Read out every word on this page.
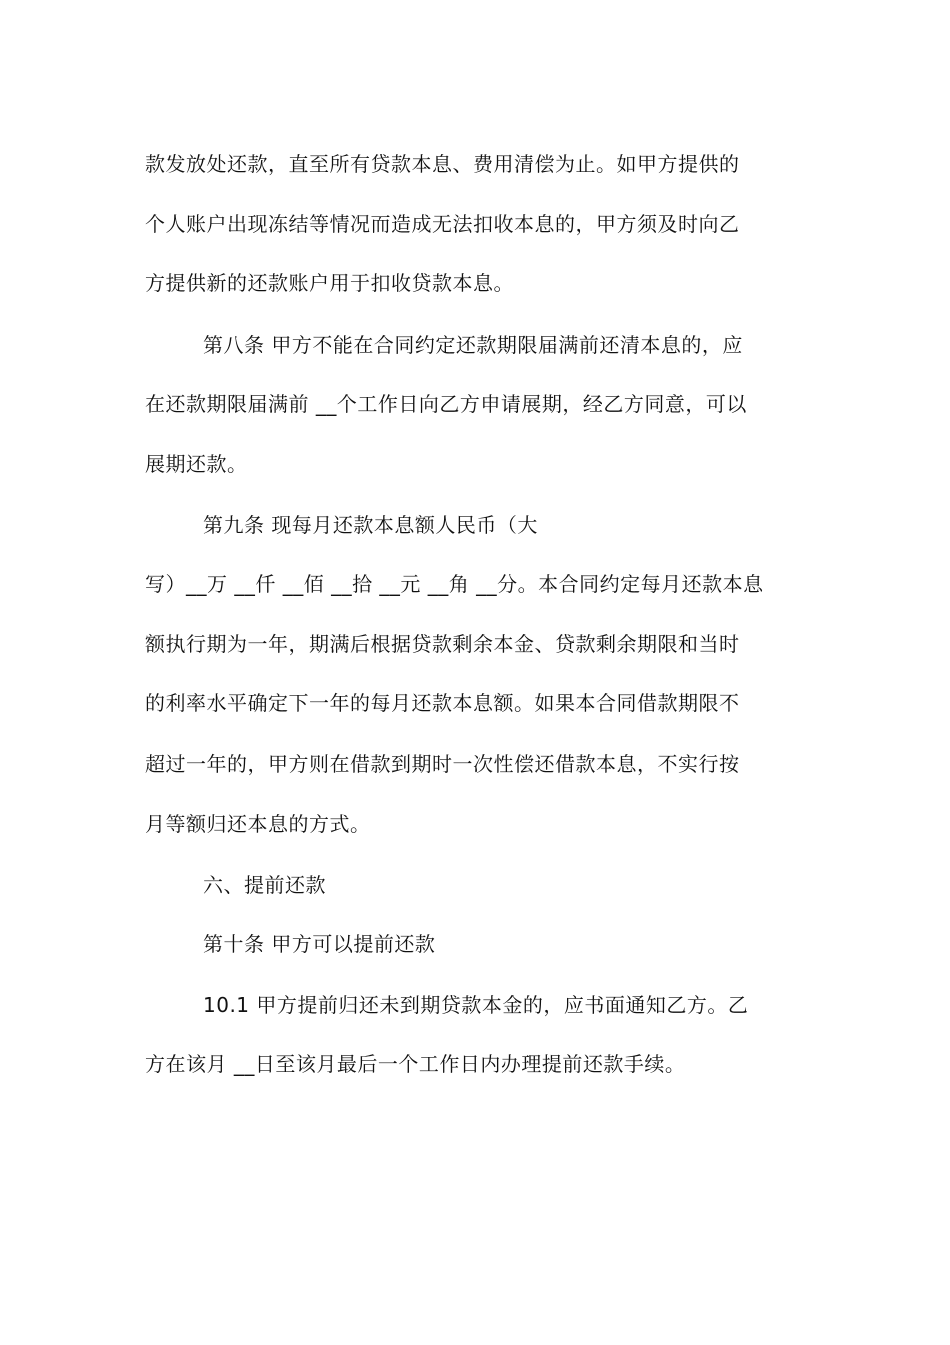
款发放处还款，直至所有贷款本息、费用清偿为止。如甲方提供的
个人账户出现冻结等情况而造成无法扣收本息的，甲方须及时向乙
方提供新的还款账户用于扣收贷款本息。
第八条 甲方不能在合同约定还款期限届满前还清本息的，应
在还款期限届满前 __个工作日向乙方申请展期，经乙方同意，可以
展期还款。
第九条 现每月还款本息额人民币（大
写）__万 __仟 __佰 __拾 __元 __角 __分。本合同约定每月还款本息
额执行期为一年，期满后根据贷款剩余本金、贷款剩余期限和当时
的利率水平确定下一年的每月还款本息额。如果本合同借款期限不
超过一年的，甲方则在借款到期时一次性偿还借款本息，不实行按
月等额归还本息的方式。
六、提前还款
第十条 甲方可以提前还款
10.1 甲方提前归还未到期贷款本金的，应书面通知乙方。乙
方在该月 __日至该月最后一个工作日内办理提前还款手续。
